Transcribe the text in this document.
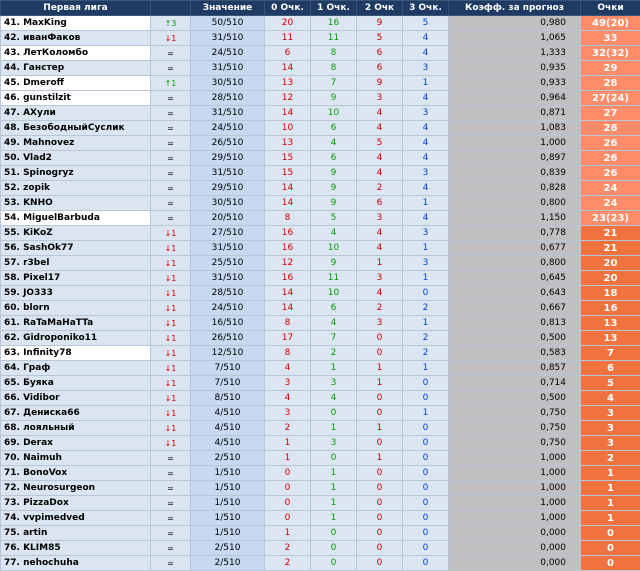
Первая лига		Значение	0 Очк.	1 Очк.	2 Очк	3 Очк.	Коэфф. за прогноз	Очки
41. MaxKing	↑3	50/510	20	16	9	5	0,980	49(20)
42. иванФаков	↓1	31/510	11	11	5	4	1,065	33
43. ЛетКоломбо	=	24/510	6	8	6	4	1,333	32(32)
44. Ганстер	=	31/510	14	8	6	3	0,935	29
45. Dmeroff	↑1	30/510	13	7	9	1	0,933	28
46. gunstilzit	=	28/510	12	9	3	4	0,964	27(24)
47. AXули	=	31/510	14	10	4	3	0,871	27
48. БезободныйСуслик	=	24/510	10	6	4	4	1,083	26
49. Mahnovez	=	26/510	13	4	5	4	1,000	26
50. Vlad2	=	29/510	15	6	4	4	0,897	26
51. Spinogryz	=	31/510	15	9	4	3	0,839	26
52. zopik	=	29/510	14	9	2	4	0,828	24
53. KNHO	=	30/510	14	9	6	1	0,800	24
54. MiguelBarbuda	=	20/510	8	5	3	4	1,150	23(23)
55. KiKoZ	↓1	27/510	16	4	4	3	0,778	21
56. SashOk77	↓1	31/510	16	10	4	1	0,677	21
57. r3bel	↓1	25/510	12	9	1	3	0,800	20
58. Pixel17	↓1	31/510	16	11	3	1	0,645	20
59. JO333	↓1	28/510	14	10	4	0	0,643	18
60. blorn	↓1	24/510	14	6	2	2	0,667	16
61. RaTaMaHaTTa	↓1	16/510	8	4	3	1	0,813	13
62. Gidroponiko11	↓1	26/510	17	7	0	2	0,500	13
63. Infinity78	↓1	12/510	8	2	0	2	0,583	7
64. Граф	↓1	7/510	4	1	1	1	0,857	6
65. Буяка	↓1	7/510	3	3	1	0	0,714	5
66. Vidibor	↓1	8/510	4	4	0	0	0,500	4
67. Дениска66	↓1	4/510	3	0	0	1	0,750	3
68. лояльный	↓1	4/510	2	1	1	0	0,750	3
69. Derax	↓1	4/510	1	3	0	0	0,750	3
70. Naimuh	=	2/510	1	0	1	0	1,000	2
71. BonoVox	=	1/510	0	1	0	0	1,000	1
72. Neurosurgeon	=	1/510	0	1	0	0	1,000	1
73. PizzaDox	=	1/510	0	1	0	0	1,000	1
74. vvpimedved	=	1/510	0	1	0	0	1,000	1
75. artin	=	1/510	1	0	0	0	0,000	0
76. KLIM85	=	2/510	2	0	0	0	0,000	0
77. nehochuha	=	2/510	2	0	0	0	0,000	0
